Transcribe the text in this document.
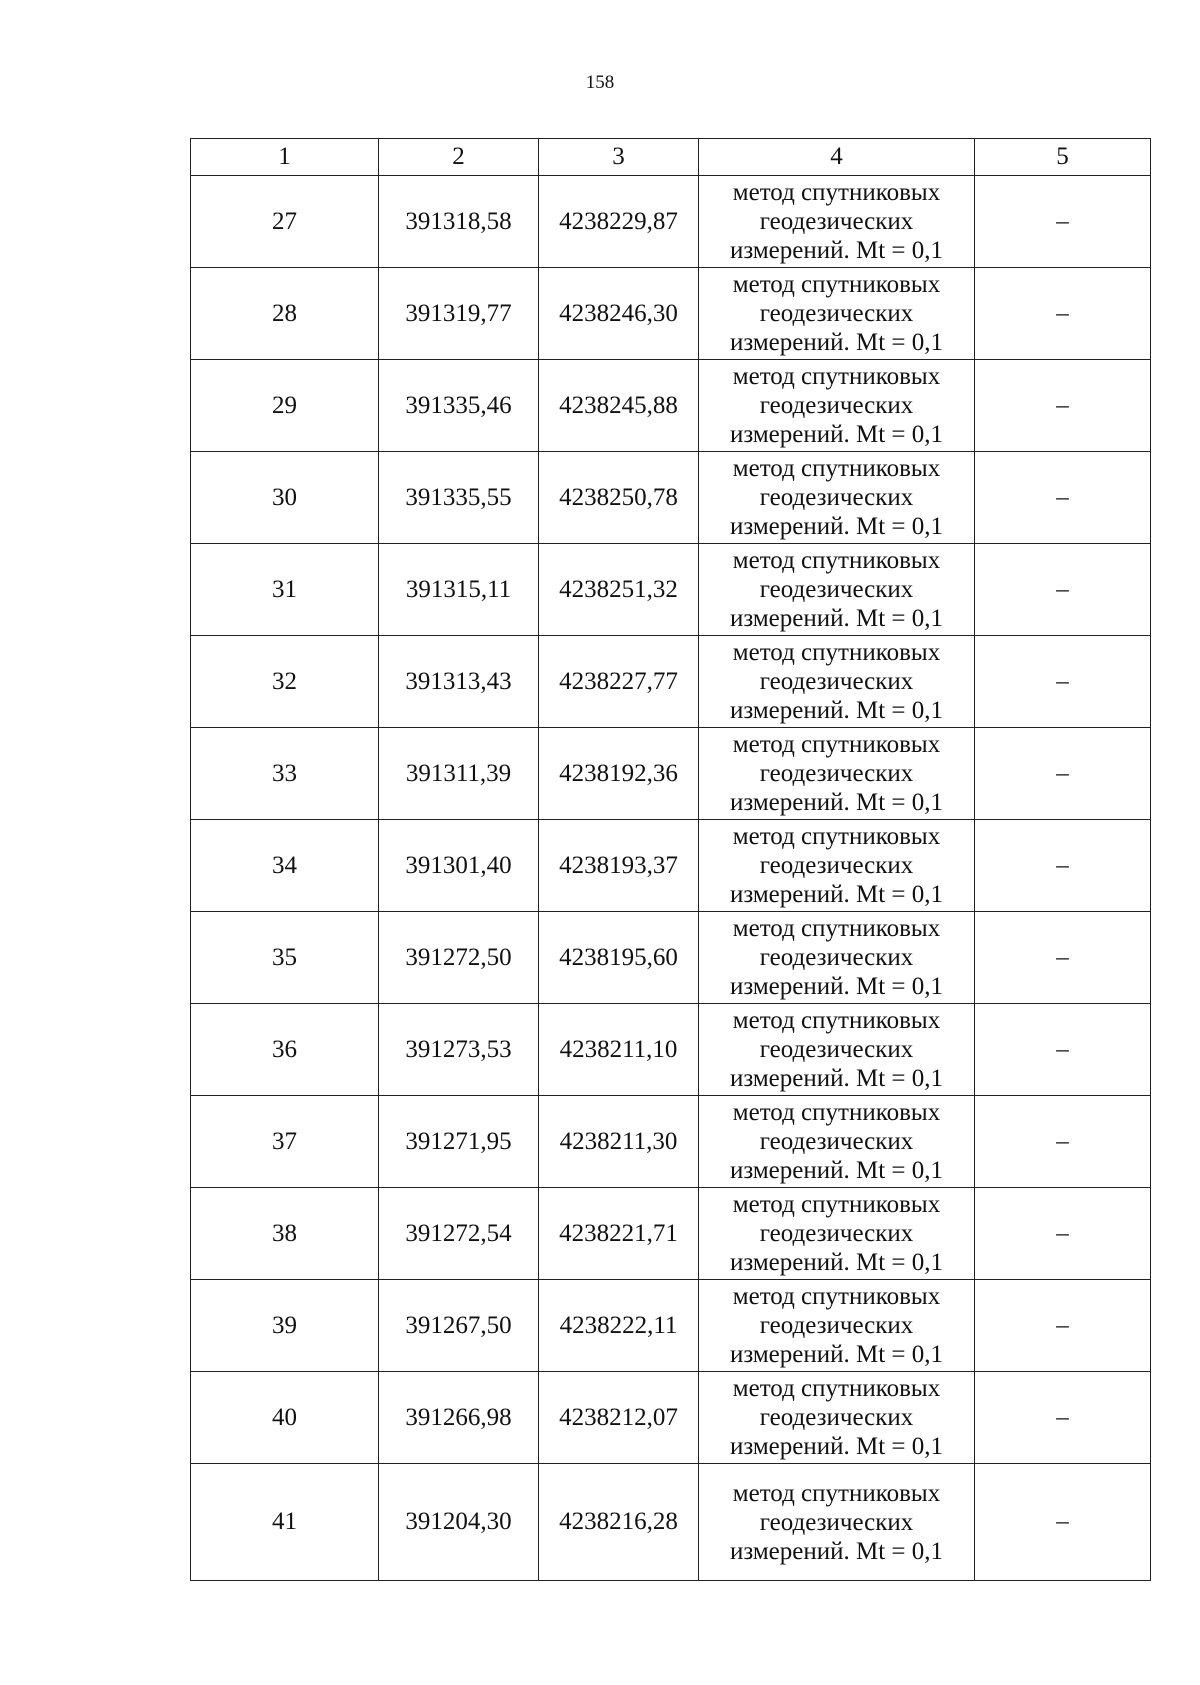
158
1	2	3	4	5
27	391318,58	4238229,87	метод спутниковых
геодезических
измерений. Mt = 0,1	–
28	391319,77	4238246,30	метод спутниковых
геодезических
измерений. Mt = 0,1	–
29	391335,46	4238245,88	метод спутниковых
геодезических
измерений. Mt = 0,1	–
30	391335,55	4238250,78	метод спутниковых
геодезических
измерений. Mt = 0,1	–
31	391315,11	4238251,32	метод спутниковых
геодезических
измерений. Mt = 0,1	–
32	391313,43	4238227,77	метод спутниковых
геодезических
измерений. Mt = 0,1	–
33	391311,39	4238192,36	метод спутниковых
геодезических
измерений. Mt = 0,1	–
34	391301,40	4238193,37	метод спутниковых
геодезических
измерений. Mt = 0,1	–
35	391272,50	4238195,60	метод спутниковых
геодезических
измерений. Mt = 0,1	–
36	391273,53	4238211,10	метод спутниковых
геодезических
измерений. Mt = 0,1	–
37	391271,95	4238211,30	метод спутниковых
геодезических
измерений. Mt = 0,1	–
38	391272,54	4238221,71	метод спутниковых
геодезических
измерений. Mt = 0,1	–
39	391267,50	4238222,11	метод спутниковых
геодезических
измерений. Mt = 0,1	–
40	391266,98	4238212,07	метод спутниковых
геодезических
измерений. Mt = 0,1	–
41	391204,30	4238216,28	метод спутниковых
геодезических
измерений. Mt = 0,1	–
